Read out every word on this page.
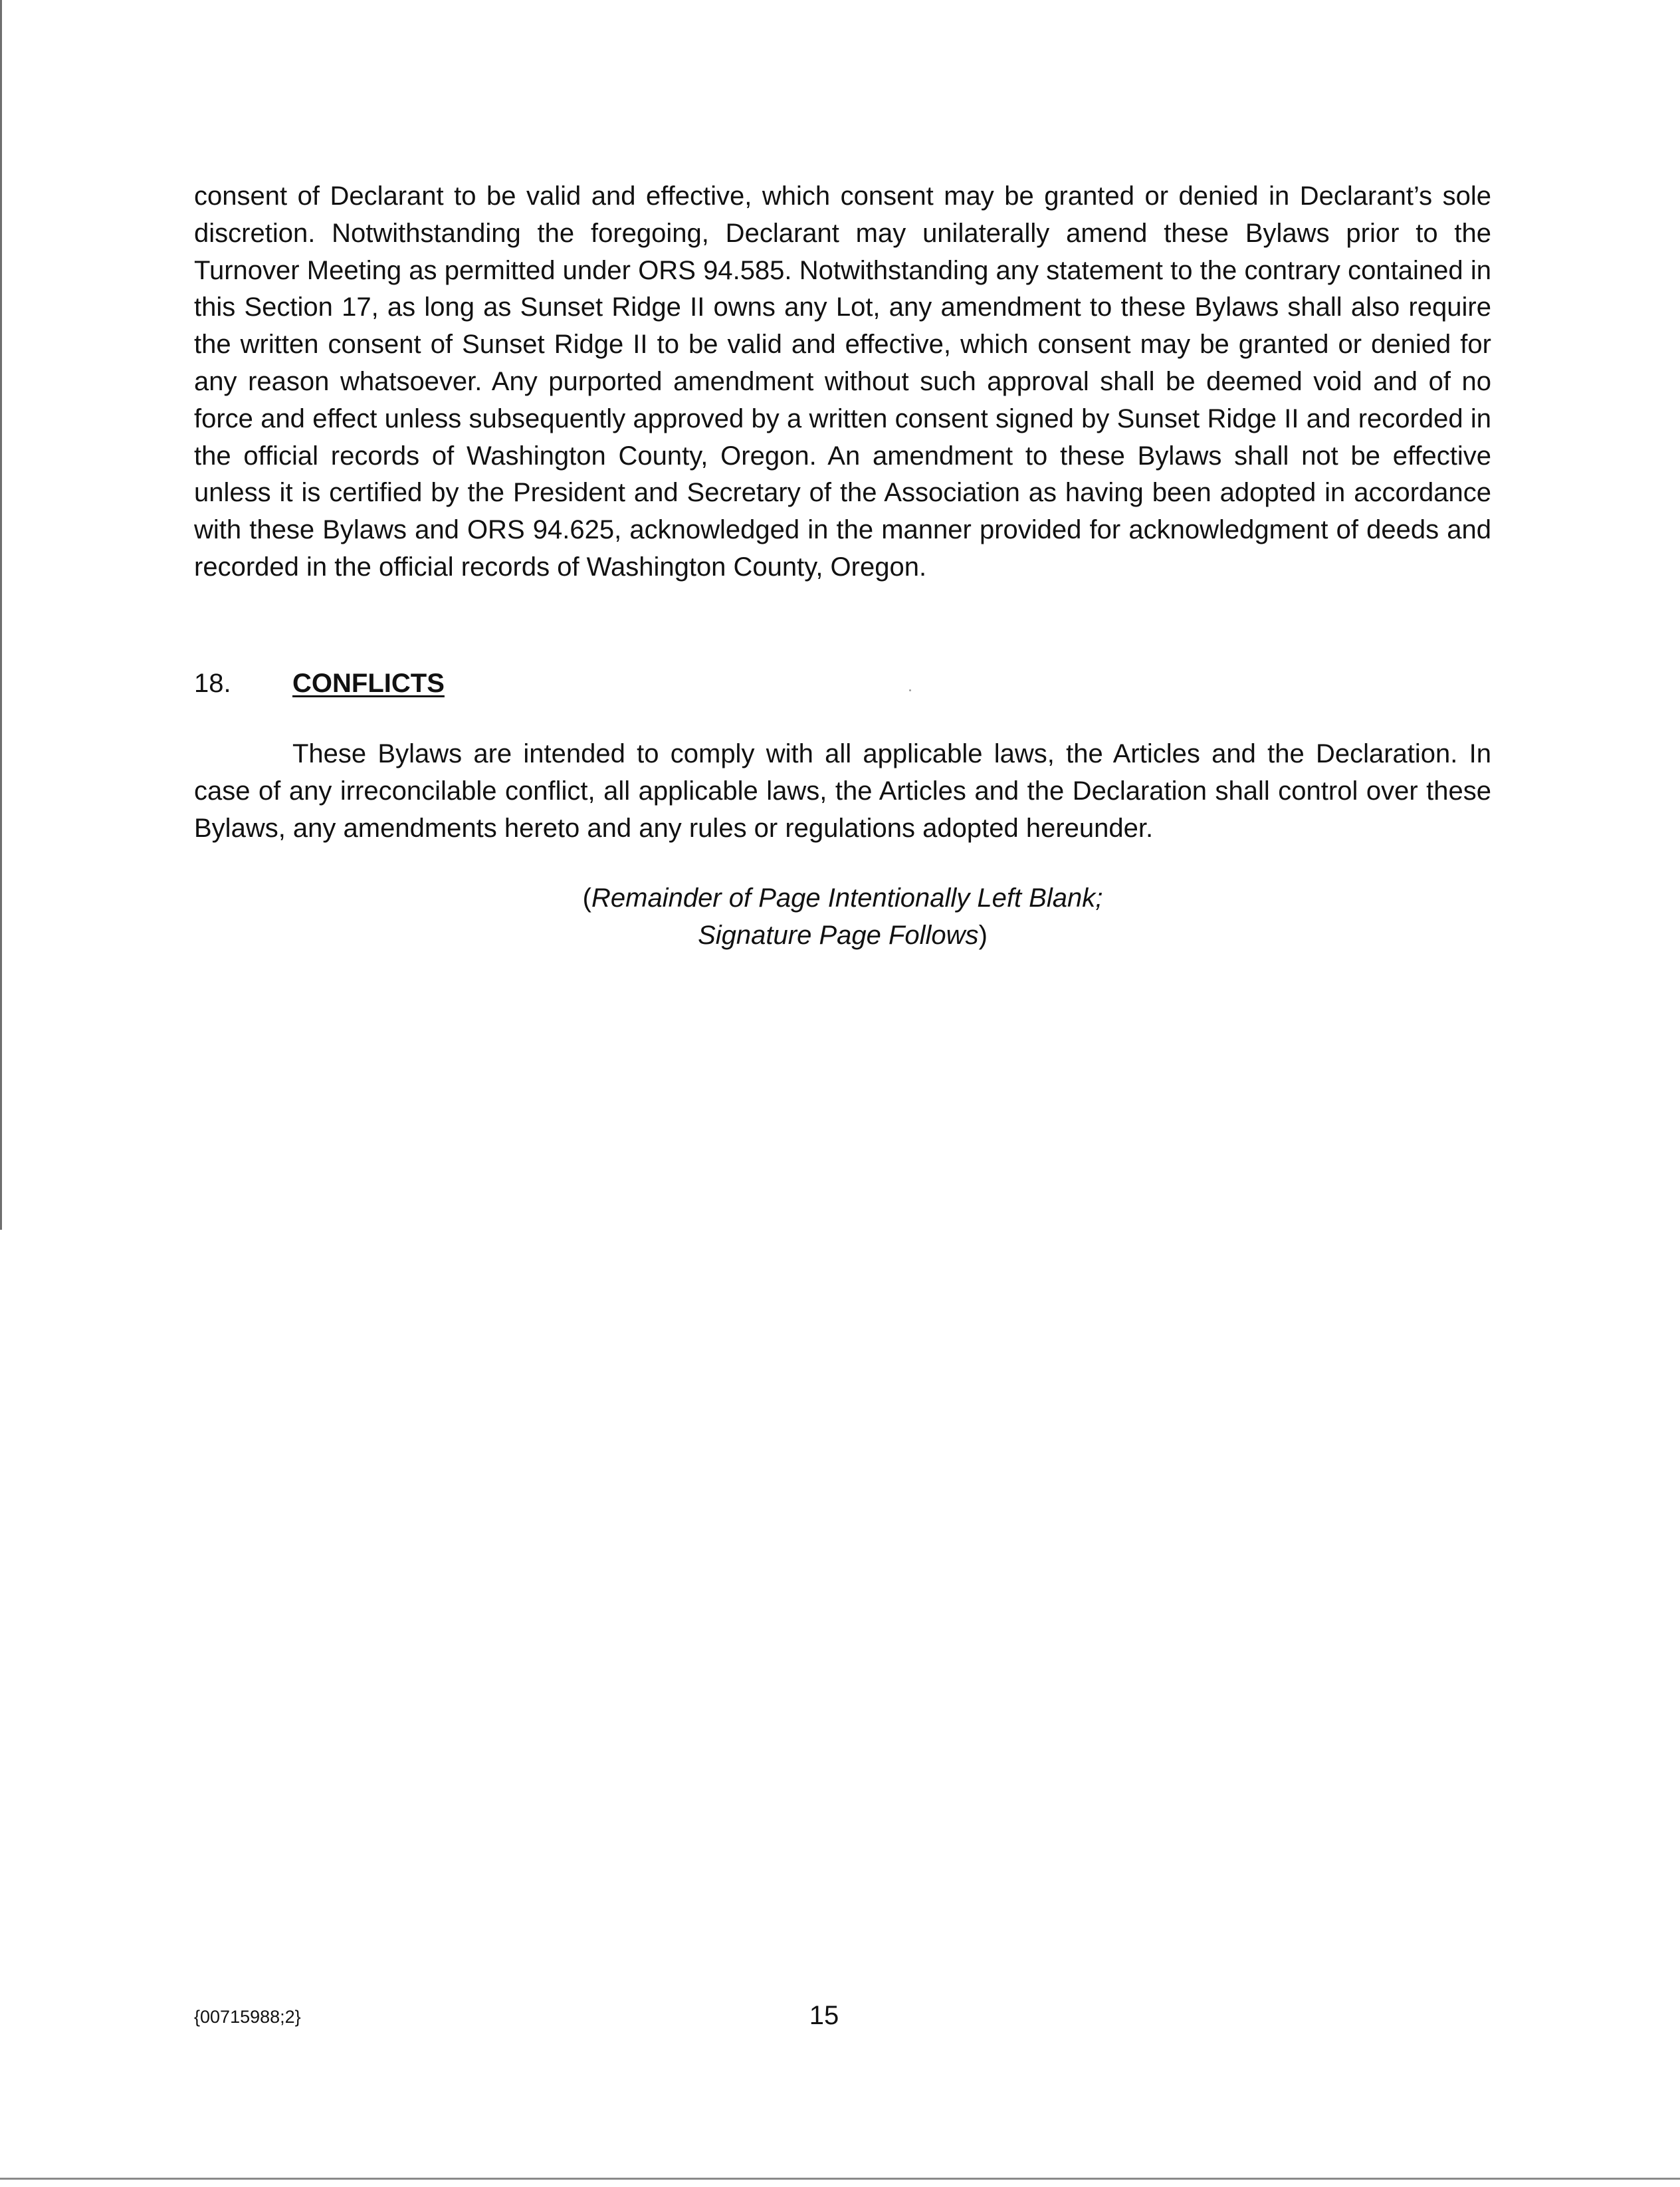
consent of Declarant to be valid and effective, which consent may be granted or denied in Declarant’s sole discretion. Notwithstanding the foregoing, Declarant may unilaterally amend these Bylaws prior to the Turnover Meeting as permitted under ORS 94.585. Notwithstanding any statement to the contrary contained in this Section 17, as long as Sunset Ridge II owns any Lot, any amendment to these Bylaws shall also require the written consent of Sunset Ridge II to be valid and effective, which consent may be granted or denied for any reason whatsoever. Any purported amendment without such approval shall be deemed void and of no force and effect unless subsequently approved by a written consent signed by Sunset Ridge II and recorded in the official records of Washington County, Oregon. An amendment to these Bylaws shall not be effective unless it is certified by the President and Secretary of the Association as having been adopted in accordance with these Bylaws and ORS 94.625, acknowledged in the manner provided for acknowledgment of deeds and recorded in the official records of Washington County, Oregon.

18. CONFLICTS

These Bylaws are intended to comply with all applicable laws, the Articles and the Declaration. In case of any irreconcilable conflict, all applicable laws, the Articles and the Declaration shall control over these Bylaws, any amendments hereto and any rules or regulations adopted hereunder.

(Remainder of Page Intentionally Left Blank;
Signature Page Follows)

{00715988;2}	15
